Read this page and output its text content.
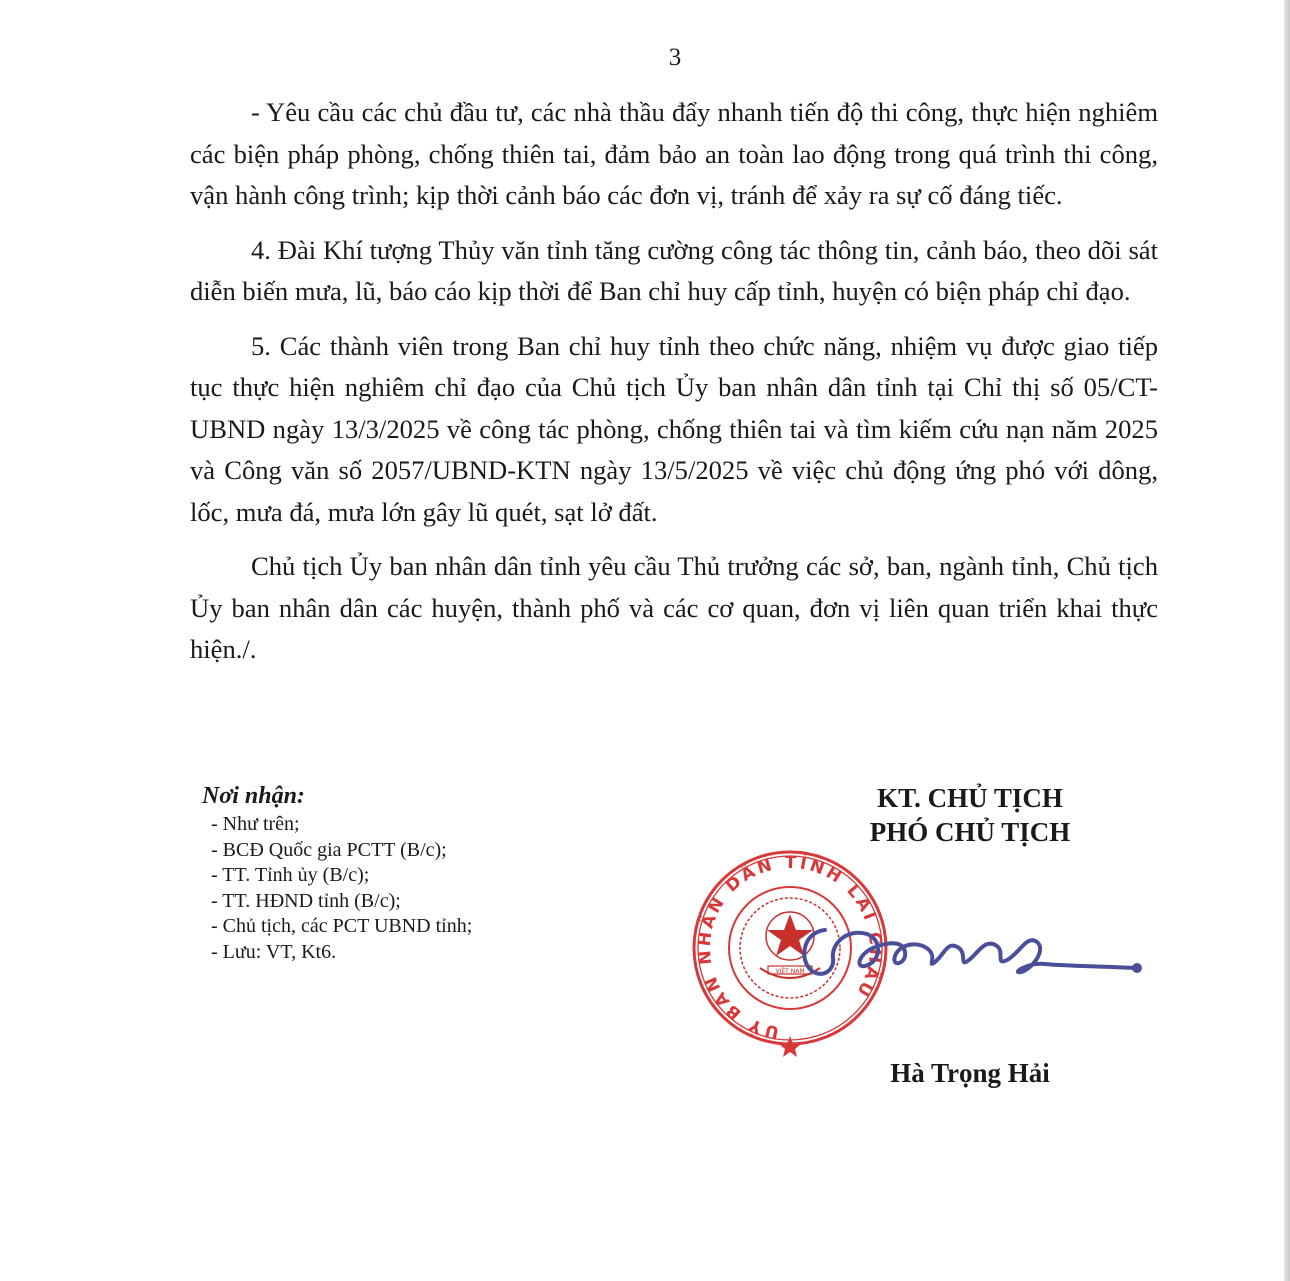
3

- Yêu cầu các chủ đầu tư, các nhà thầu đẩy nhanh tiến độ thi công, thực hiện nghiêm các biện pháp phòng, chống thiên tai, đảm bảo an toàn lao động trong quá trình thi công, vận hành công trình; kịp thời cảnh báo các đơn vị, tránh để xảy ra sự cố đáng tiếc.

4. Đài Khí tượng Thủy văn tỉnh tăng cường công tác thông tin, cảnh báo, theo dõi sát diễn biến mưa, lũ, báo cáo kịp thời để Ban chỉ huy cấp tỉnh, huyện có biện pháp chỉ đạo.

5. Các thành viên trong Ban chỉ huy tỉnh theo chức năng, nhiệm vụ được giao tiếp tục thực hiện nghiêm chỉ đạo của Chủ tịch Ủy ban nhân dân tỉnh tại Chỉ thị số 05/CT-UBND ngày 13/3/2025 về công tác phòng, chống thiên tai và tìm kiếm cứu nạn năm 2025 và Công văn số 2057/UBND-KTN ngày 13/5/2025 về việc chủ động ứng phó với dông, lốc, mưa đá, mưa lớn gây lũ quét, sạt lở đất.

Chủ tịch Ủy ban nhân dân tỉnh yêu cầu Thủ trưởng các sở, ban, ngành tỉnh, Chủ tịch Ủy ban nhân dân các huyện, thành phố và các cơ quan, đơn vị liên quan triển khai thực hiện./.

Nơi nhận:
- Như trên;
- BCĐ Quốc gia PCTT (B/c);
- TT. Tỉnh ủy (B/c);
- TT. HĐND tỉnh (B/c);
- Chủ tịch, các PCT UBND tỉnh;
- Lưu: VT, Kt6.
KT. CHỦ TỊCH
PHÓ CHỦ TỊCH
UỶ BAN NHÂN DÂN TỈNH LAI CHÂU
VIỆT NAM
Hà Trọng Hải
